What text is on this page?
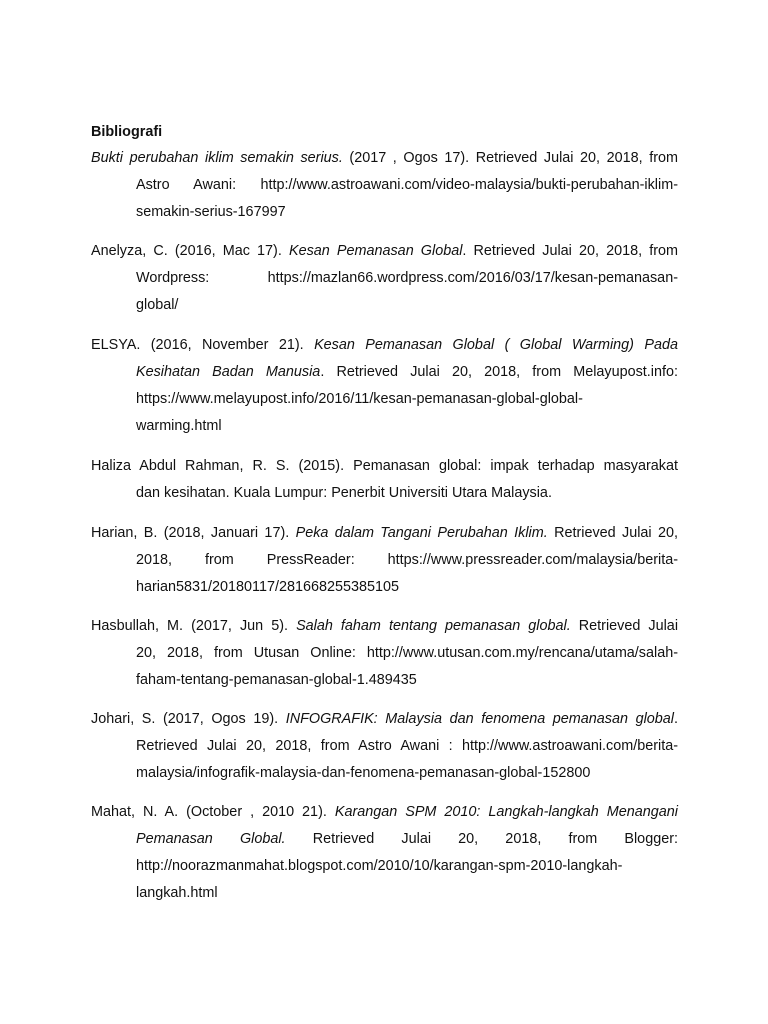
Bibliografi
Bukti perubahan iklim semakin serius. (2017 , Ogos 17). Retrieved Julai 20, 2018, from
Astro Awani: http://www.astroawani.com/video-malaysia/bukti-perubahan-iklim-
semakin-serius-167997
Anelyza, C. (2016, Mac 17). Kesan Pemanasan Global. Retrieved Julai 20, 2018, from
Wordpress: https://mazlan66.wordpress.com/2016/03/17/kesan-pemanasan-
global/
ELSYA. (2016, November 21). Kesan Pemanasan Global ( Global Warming) Pada
Kesihatan Badan Manusia. Retrieved Julai 20, 2018, from Melayupost.info:
https://www.melayupost.info/2016/11/kesan-pemanasan-global-global-
warming.html
Haliza Abdul Rahman, R. S. (2015). Pemanasan global: impak terhadap masyarakat
dan kesihatan. Kuala Lumpur: Penerbit Universiti Utara Malaysia.
Harian, B. (2018, Januari 17). Peka dalam Tangani Perubahan Iklim. Retrieved Julai 20,
2018, from PressReader: https://www.pressreader.com/malaysia/berita-
harian5831/20180117/281668255385105
Hasbullah, M. (2017, Jun 5). Salah faham tentang pemanasan global. Retrieved Julai
20, 2018, from Utusan Online: http://www.utusan.com.my/rencana/utama/salah-
faham-tentang-pemanasan-global-1.489435
Johari, S. (2017, Ogos 19). INFOGRAFIK: Malaysia dan fenomena pemanasan global.
Retrieved Julai 20, 2018, from Astro Awani : http://www.astroawani.com/berita-
malaysia/infografik-malaysia-dan-fenomena-pemanasan-global-152800
Mahat, N. A. (October , 2010 21). Karangan SPM 2010: Langkah-langkah Menangani
Pemanasan Global. Retrieved Julai 20, 2018, from Blogger:
http://noorazmanmahat.blogspot.com/2010/10/karangan-spm-2010-langkah-
langkah.html
